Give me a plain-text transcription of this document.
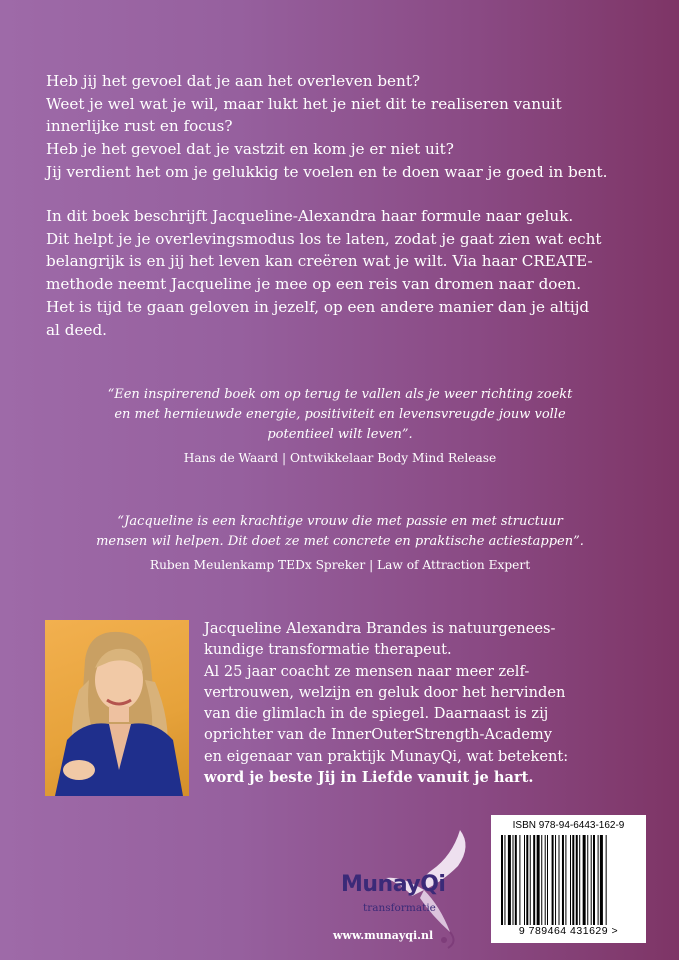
Heb jij het gevoel dat je aan het overleven bent?
Weet je wel wat je wil, maar lukt het je niet dit te realiseren vanuit
innerlijke rust en focus?
Heb je het gevoel dat je vastzit en kom je er niet uit?
Jij verdient het om je gelukkig te voelen en te doen waar je goed in bent.
In dit boek beschrijft Jacqueline-Alexandra haar formule naar geluk.
Dit helpt je je overlevingsmodus los te laten, zodat je gaat zien wat echt
belangrijk is en jij het leven kan creëren wat je wilt. Via haar CREATE-
methode neemt Jacqueline je mee op een reis van dromen naar doen.
Het is tijd te gaan geloven in jezelf, op een andere manier dan je altijd
al deed.
“Een inspirerend boek om op terug te vallen als je weer richting zoekt
en met hernieuwde energie, positiviteit en levensvreugde jouw volle
potentieel wilt leven”.
Hans de Waard | Ontwikkelaar Body Mind Release
“Jacqueline is een krachtige vrouw die met passie en met structuur
mensen wil helpen. Dit doet ze met concrete en praktische actiestappen”.
Ruben Meulenkamp TEDx Spreker | Law of Attraction Expert
Jacqueline Alexandra Brandes is natuurgenees-
kundige transformatie therapeut.
Al 25 jaar coacht ze mensen naar meer zelf-
vertrouwen, welzijn en geluk door het hervinden
van die glimlach in de spiegel. Daarnaast is zij
oprichter van de InnerOuterStrength-Academy
en eigenaar van praktijk MunayQi, wat betekent:
word je beste Jij in Liefde vanuit je hart.
MunayQi
transformatie
www.munayqi.nl
ISBN 978-94-6443-162-9
9 789464 431629 >
